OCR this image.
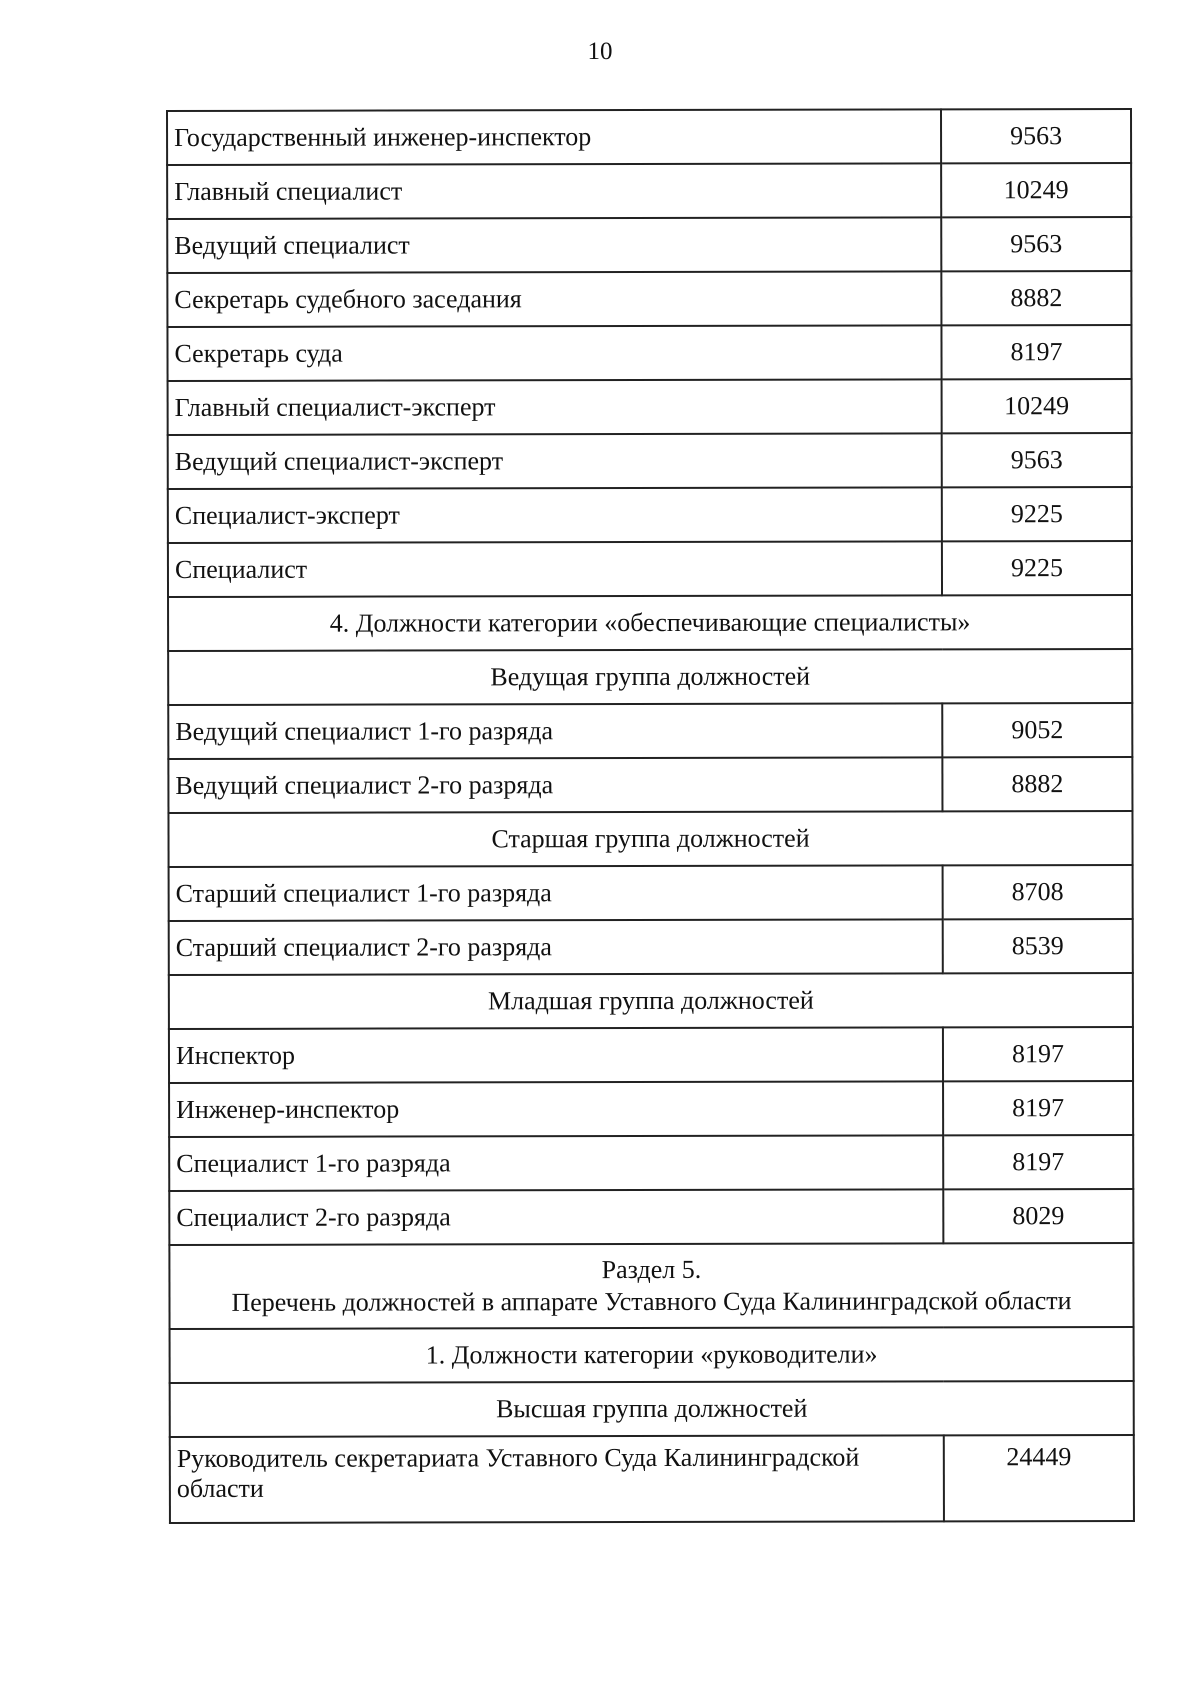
10
Государственный инженер-инспектор	9563
Главный специалист	10249
Ведущий специалист	9563
Секретарь судебного заседания	8882
Секретарь суда	8197
Главный специалист-эксперт	10249
Ведущий специалист-эксперт	9563
Специалист-эксперт	9225
Специалист	9225
4. Должности категории «обеспечивающие специалисты»	
Ведущая группа должностей	
Ведущий специалист 1-го разряда	9052
Ведущий специалист 2-го разряда	8882
Старшая группа должностей	
Старший специалист 1-го разряда	8708
Старший специалист 2-го разряда	8539
Младшая группа должностей	
Инспектор	8197
Инженер-инспектор	8197
Специалист 1-го разряда	8197
Специалист 2-го разряда	8029

Раздел 5.
Перечень должностей в аппарате Уставного Суда Калининградской области	

1. Должности категории «руководители»	
Высшая группа должностей	

Руководитель секретариата Уставного Суда Калининградской
области	24449
